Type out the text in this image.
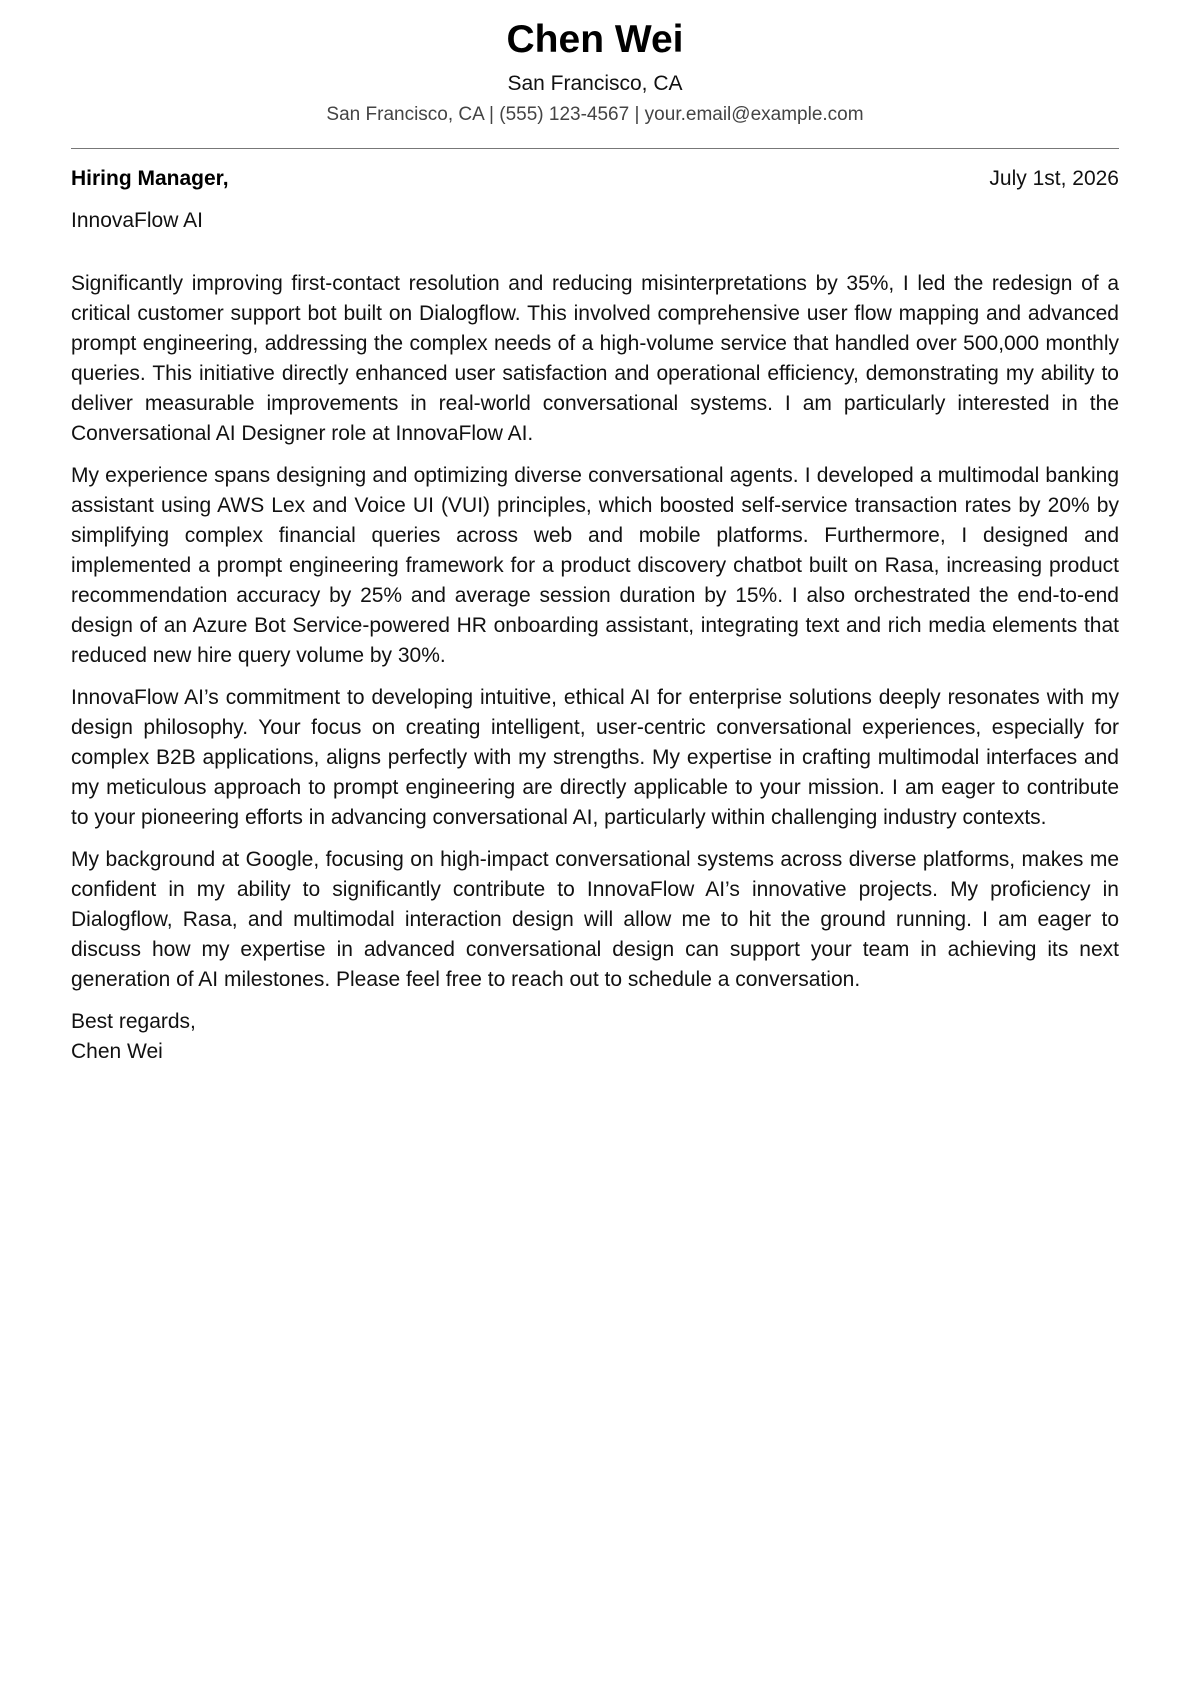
Chen Wei
San Francisco, CA
San Francisco, CA | (555) 123-4567 | your.email@example.com
Hiring Manager,	July 1st, 2026
InnovaFlow AI

Significantly improving first-contact resolution and reducing misinterpretations by 35%, I led the redesign of a critical customer support bot built on Dialogflow. This involved comprehensive user flow mapping and advanced prompt engineering, addressing the complex needs of a high-volume service that handled over 500,000 monthly queries. This initiative directly enhanced user satisfaction and operational efficiency, demonstrating my ability to deliver measurable improvements in real-world conversational systems. I am particularly interested in the Conversational AI Designer role at InnovaFlow AI.

My experience spans designing and optimizing diverse conversational agents. I developed a multimodal banking assistant using AWS Lex and Voice UI (VUI) principles, which boosted self-service transaction rates by 20% by simplifying complex financial queries across web and mobile platforms. Furthermore, I designed and implemented a prompt engineering framework for a product discovery chatbot built on Rasa, increasing product recommendation accuracy by 25% and average session duration by 15%. I also orchestrated the end-to-end design of an Azure Bot Service-powered HR onboarding assistant, integrating text and rich media elements that reduced new hire query volume by 30%.

InnovaFlow AI’s commitment to developing intuitive, ethical AI for enterprise solutions deeply resonates with my design philosophy. Your focus on creating intelligent, user-centric conversational experiences, especially for complex B2B applications, aligns perfectly with my strengths. My expertise in crafting multimodal interfaces and my meticulous approach to prompt engineering are directly applicable to your mission. I am eager to contribute to your pioneering efforts in advancing conversational AI, particularly within challenging industry contexts.

My background at Google, focusing on high-impact conversational systems across diverse platforms, makes me confident in my ability to significantly contribute to InnovaFlow AI’s innovative projects. My proficiency in Dialogflow, Rasa, and multimodal interaction design will allow me to hit the ground running. I am eager to discuss how my expertise in advanced conversational design can support your team in achieving its next generation of AI milestones. Please feel free to reach out to schedule a conversation.

Best regards,
Chen Wei
